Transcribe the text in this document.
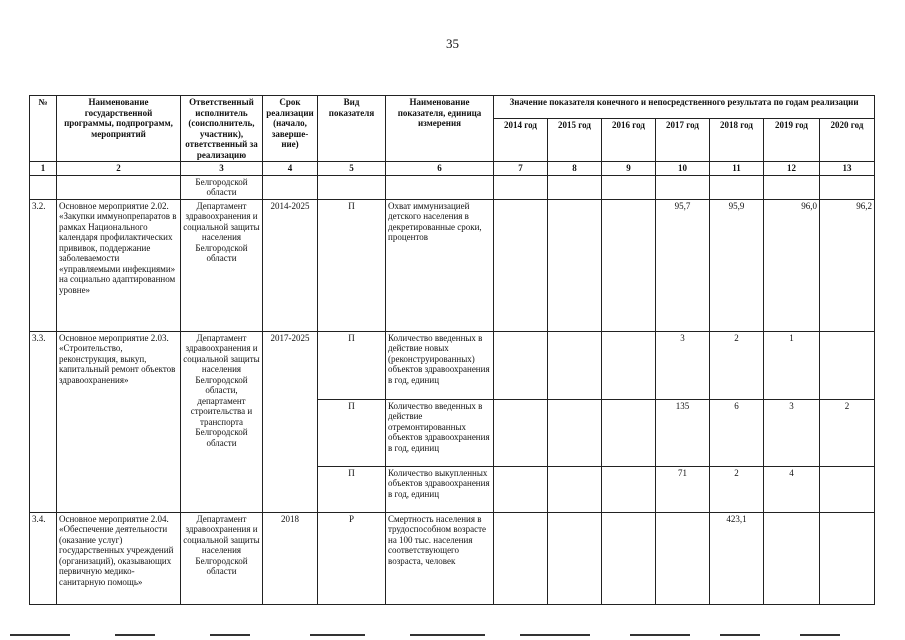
35
№	Наименование государственной программы, подпрограмм, мероприятий	Ответственный исполнитель (соисполнитель, участник), ответственный за реализацию	Срок реализации (начало, заверше-ние)	Вид показателя	Наименование показателя, единица измерения	Значение показателя конечного и непосредственного результата по годам реализации						
						2014 год	2015 год	2016 год	2017 год	2018 год	2019 год	2020 год
1	2	3	4	5	6	7	8	9	10	11	12	13
		Белгородской области										
3.2.	Основное мероприятие 2.02. «Закупки иммунопрепаратов в рамках Национального календаря профилактических прививок, поддержание заболеваемости «управляемыми инфекциями» на социально адаптированном уровне»	Департамент здравоохранения и социальной защиты населения Белгородской области	2014-2025	П	Охват иммунизацией детского населения в декретированные сроки, процентов				95,7	95,9	96,0	96,2
3.3.	Основное мероприятие 2.03. «Строительство, реконструкция, выкуп, капитальный ремонт объектов здравоохранения»	Департамент здравоохранения и социальной защиты населения Белгородской области, департамент строительства и транспорта Белгородской области	2017-2025	П	Количество введенных в действие новых (реконструированных) объектов здравоохранения в год, единиц				3	2	1	
				П	Количество введенных в действие отремонтированных объектов здравоохранения в год, единиц				135	6	3	2
				П	Количество выкупленных объектов здравоохранения в год, единиц				71	2	4	
3.4.	Основное мероприятие 2.04. «Обеспечение деятельности (оказание услуг) государственных учреждений (организаций), оказывающих первичную медико-санитарную помощь»	Департамент здравоохранения и социальной защиты населения Белгородской области	2018	Р	Смертность населения в трудоспособном возрасте на 100 тыс. населения соответствующего возраста, человек					423,1		
